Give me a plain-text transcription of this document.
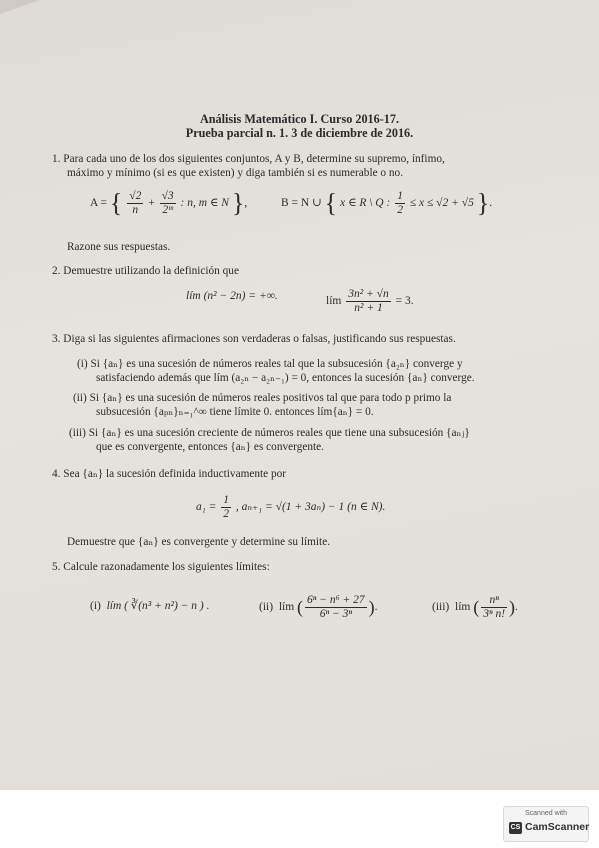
Análisis Matemático I. Curso 2016-17.
Prueba parcial n. 1. 3 de diciembre de 2016.
1. Para cada uno de los dos siguientes conjuntos, A y B, determine su supremo, ínfimo,
máximo y mínimo (si es que existen) y diga también si es numerable o no.
A = { $\frac{√2}{n} + \frac{√3}{\text{2ᵐ}}$ : n, m ∈ N },	B = N ∪ { x ∈ R \ Q : $\frac{1}{2} \le x \le √2 + √5$ }.
Razone sus respuestas.
2. Demuestre utilizando la definición que
lím (n² − 2n) = +∞.	lím $\frac{\text{3n² + √n}}{\text{n² + 1}} = 3$.
3. Diga si las siguientes afirmaciones son verdaderas o falsas, justificando sus respuestas.
(i) Si {aₙ} es una sucesión de números reales tal que la subsucesión {a₂ₙ} converge y
satisfaciendo además que lím (a₂ₙ − a₂ₙ₋₁) = 0, entonces la sucesión {aₙ} converge.
(ii) Si {aₙ} es una sucesión de números reales positivos tal que para todo p primo la
subsucesión {aₚₙ}ₙ₌₁^∞ tiene límite 0. entonces lím{aₙ} = 0.
(iii) Si {aₙ} es una sucesión creciente de números reales que tiene una subsucesión {aₙⱼ}
que es convergente, entonces {aₙ} es convergente.
4. Sea {aₙ} la sucesión definida inductivamente por
$a_1 = \frac{1}{2}$ , aₙ₊₁ = √(1 + 3aₙ) − 1 (n ∈ N).
Demuestre que {aₙ} es convergente y determine su límite.
5. Calcule razonadamente los siguientes límites:
(i) lím ( ∛(n³ + n²) − n ) .	(ii) lím ( $\frac{\text{6ⁿ − n⁶ + 27}}{\text{6ⁿ − 3ⁿ}}$ ).	(iii) lím ( $\frac{\text{nⁿ}}{\text{3ⁿ n!}}$ ).
Scanned with
CS CamScanner
